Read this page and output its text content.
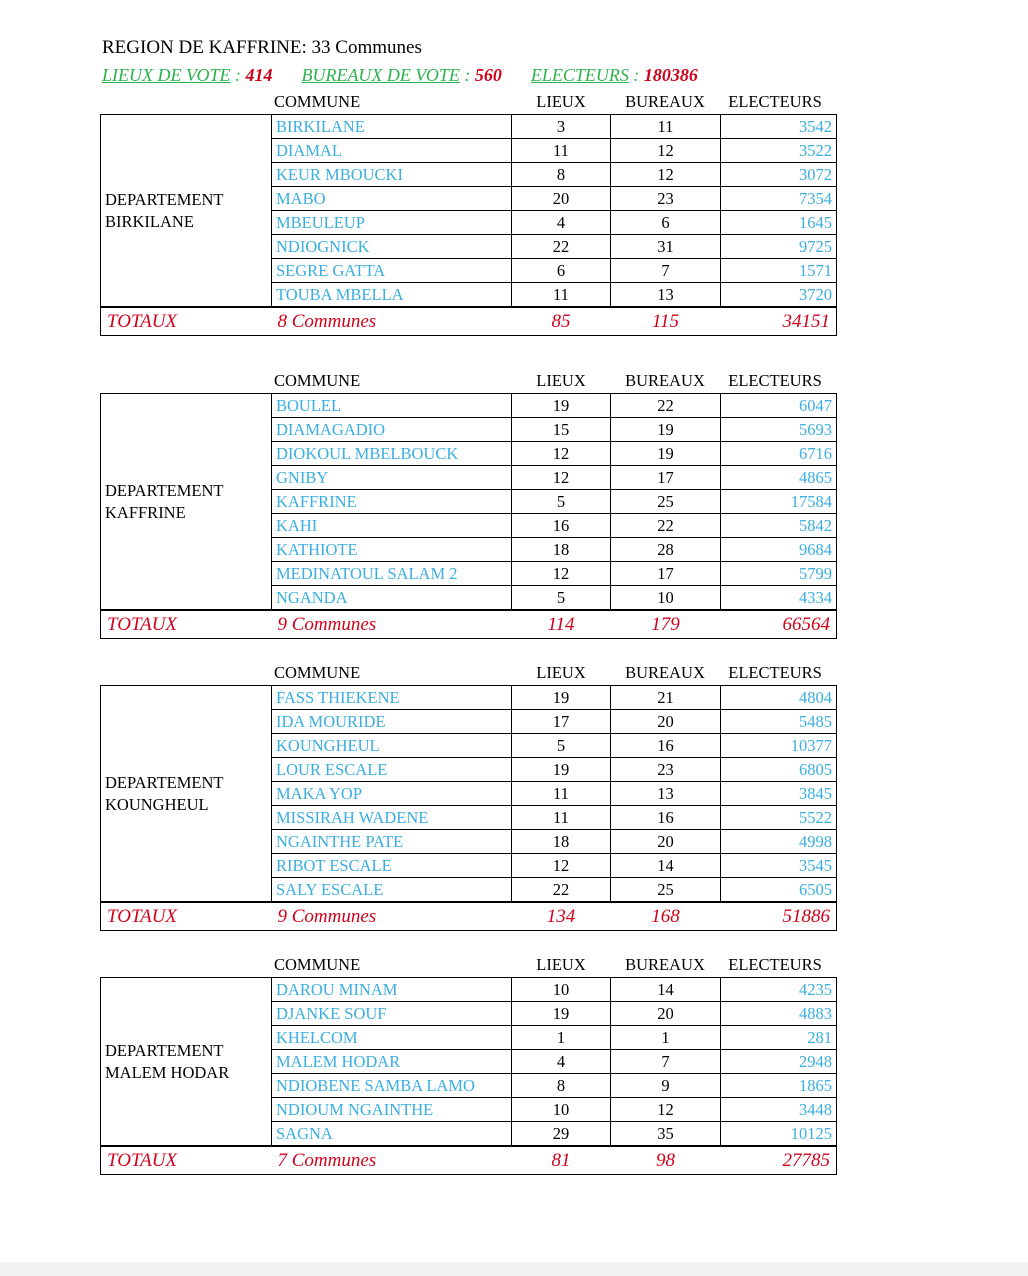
REGION DE KAFFRINE: 33 Communes
LIEUX DE VOTE : 414 BUREAUX DE VOTE : 560 ELECTEURS : 180386
COMMUNE	LIEUX	BUREAUX	ELECTEURS
DEPARTEMENT
BIRKILANE	BIRKILANE	3	11	3542
	DIAMAL	11	12	3522
	KEUR MBOUCKI	8	12	3072
	MABO	20	23	7354
	MBEULEUP	4	6	1645
	NDIOGNICK	22	31	9725
	SEGRE GATTA	6	7	1571
	TOUBA MBELLA	11	13	3720
TOTAUX	8 Communes	85	115	34151
COMMUNE	LIEUX	BUREAUX	ELECTEURS
DEPARTEMENT
KAFFRINE	BOULEL	19	22	6047
	DIAMAGADIO	15	19	5693
	DIOKOUL MBELBOUCK	12	19	6716
	GNIBY	12	17	4865
	KAFFRINE	5	25	17584
	KAHI	16	22	5842
	KATHIOTE	18	28	9684
	MEDINATOUL SALAM 2	12	17	5799
	NGANDA	5	10	4334
TOTAUX	9 Communes	114	179	66564
COMMUNE	LIEUX	BUREAUX	ELECTEURS
DEPARTEMENT
KOUNGHEUL	FASS THIEKENE	19	21	4804
	IDA MOURIDE	17	20	5485
	KOUNGHEUL	5	16	10377
	LOUR ESCALE	19	23	6805
	MAKA YOP	11	13	3845
	MISSIRAH WADENE	11	16	5522
	NGAINTHE PATE	18	20	4998
	RIBOT ESCALE	12	14	3545
	SALY ESCALE	22	25	6505
TOTAUX	9 Communes	134	168	51886
COMMUNE	LIEUX	BUREAUX	ELECTEURS
DEPARTEMENT
MALEM HODAR	DAROU MINAM	10	14	4235
	DJANKE SOUF	19	20	4883
	KHELCOM	1	1	281
	MALEM HODAR	4	7	2948
	NDIOBENE SAMBA LAMO	8	9	1865
	NDIOUM NGAINTHE	10	12	3448
	SAGNA	29	35	10125
TOTAUX	7 Communes	81	98	27785
